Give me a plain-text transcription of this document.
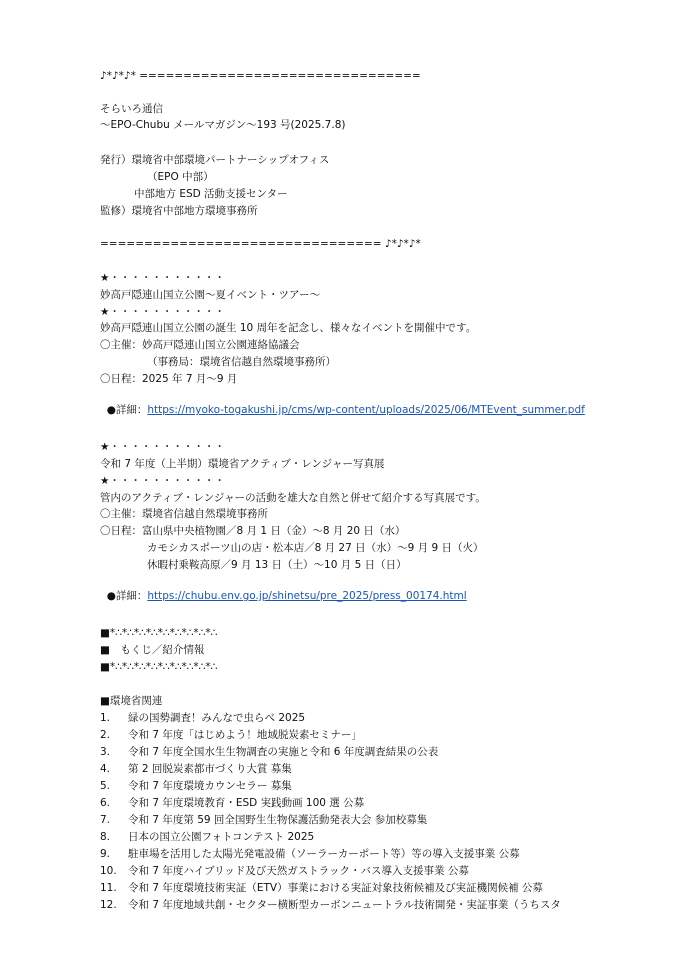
♪*♪*♪* ================================
そらいろ通信
～EPO-Chubu メールマガジン～193 号(2025.7.8)
発行）環境省中部環境パートナーシップオフィス
（EPO 中部）
中部地方 ESD 活動支援センター
監修）環境省中部地方環境事務所
================================ ♪*♪*♪*
★・・・・・・・・・・・
妙高戸隠連山国立公園～夏イベント・ツアー～
★・・・・・・・・・・・
妙高戸隠連山国立公園の誕生 10 周年を記念し、様々なイベントを開催中です。
〇主催：妙高戸隠連山国立公園連絡協議会
（事務局：環境省信越自然環境事務所）
〇日程：2025 年 7 月～9 月

●詳細：https://myoko-togakushi.jp/cms/wp-content/uploads/2025/06/MTEvent_summer.pdf

★・・・・・・・・・・・
令和 7 年度（上半期）環境省アクティブ・レンジャー写真展
★・・・・・・・・・・・
管内のアクティブ・レンジャーの活動を雄大な自然と併せて紹介する写真展です。
〇主催：環境省信越自然環境事務所
〇日程：富山県中央植物園／8 月 1 日（金）～8 月 20 日（水）
カモシカスポーツ山の店・松本店／8 月 27 日（水）～9 月 9 日（火）
休暇村乗鞍高原／9 月 13 日（土）～10 月 5 日（日）

●詳細：https://chubu.env.go.jp/shinetsu/pre_2025/press_00174.html

■*∴*∴*∴*∴*∴*∴*∴*∴*∴
■　もくじ／紹介情報
■*∴*∴*∴*∴*∴*∴*∴*∴*∴
■環境省関連
1. 緑の国勢調査！みんなで虫らべ 2025
2. 令和 7 年度「はじめよう！地域脱炭素セミナー」
3. 令和 7 年度全国水生生物調査の実施と令和 6 年度調査結果の公表
4. 第 2 回脱炭素都市づくり大賞 募集
5. 令和 7 年度環境カウンセラー 募集
6. 令和 7 年度環境教育・ESD 実践動画 100 選 公募
7. 令和 7 年度第 59 回全国野生生物保護活動発表大会 参加校募集
8. 日本の国立公園フォトコンテスト 2025
9. 駐車場を活用した太陽光発電設備（ソーラーカーポート等）等の導入支援事業 公募
10. 令和 7 年度ハイブリッド及び天然ガストラック・バス導入支援事業 公募
11. 令和 7 年度環境技術実証（ETV）事業における実証対象技術候補及び実証機関候補 公募
12. 令和 7 年度地域共創・セクター横断型カーボンニュートラル技術開発・実証事業（うちスタ
